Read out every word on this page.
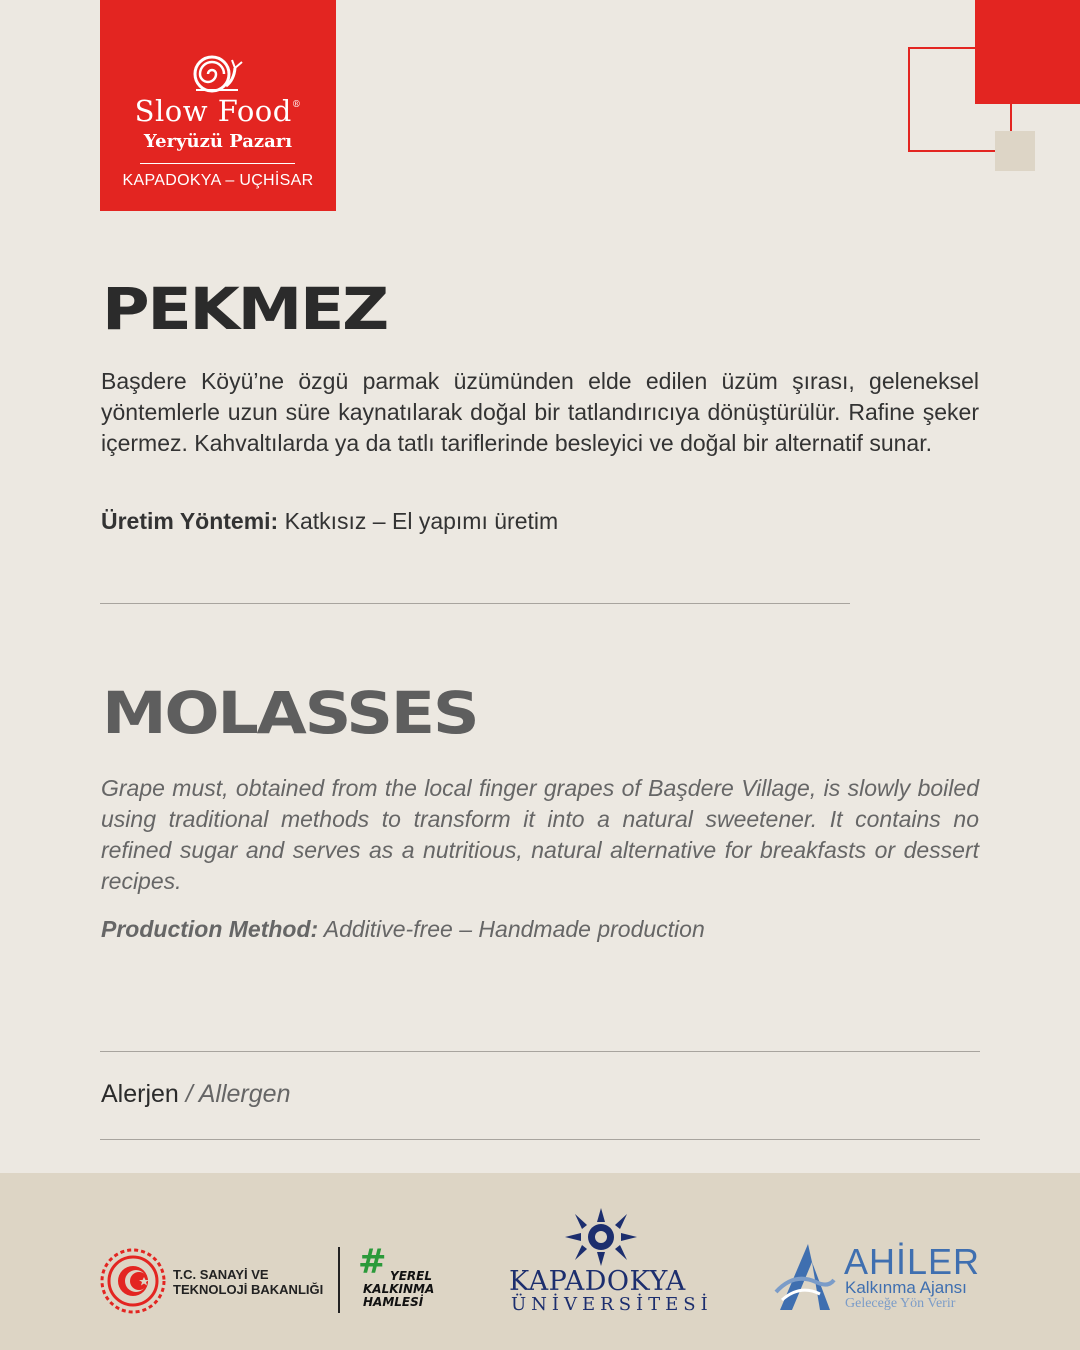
Slow Food®
Yeryüzü Pazarı
KAPADOKYA – UÇHİSAR
PEKMEZ
Başdere Köyü’ne özgü parmak üzümünden elde edilen üzüm şırası, geleneksel yöntemlerle uzun süre kaynatılarak doğal bir tatlandırıcıya dönüştürülür. Rafine şeker içermez. Kahvaltılarda ya da tatlı tariflerinde besleyici ve doğal bir alternatif sunar.
Üretim Yöntemi: Katkısız – El yapımı üretim
MOLASSES
Grape must, obtained from the local finger grapes of Başdere Village, is slowly boiled using traditional methods to transform it into a natural sweetener. It contains no refined sugar and serves as a nutritious, natural alternative for breakfasts or dessert recipes.
Production Method: Additive-free – Handmade production
Alerjen / Allergen
T.C. SANAYİ VE
TEKNOLOJİ BAKANLIĞI
# YEREL
KALKINMA
HAMLESİ
KAPADOKYA
ÜNİVERSİTESİ
AHİLER
Kalkınma Ajansı
Geleceğe Yön Verir
